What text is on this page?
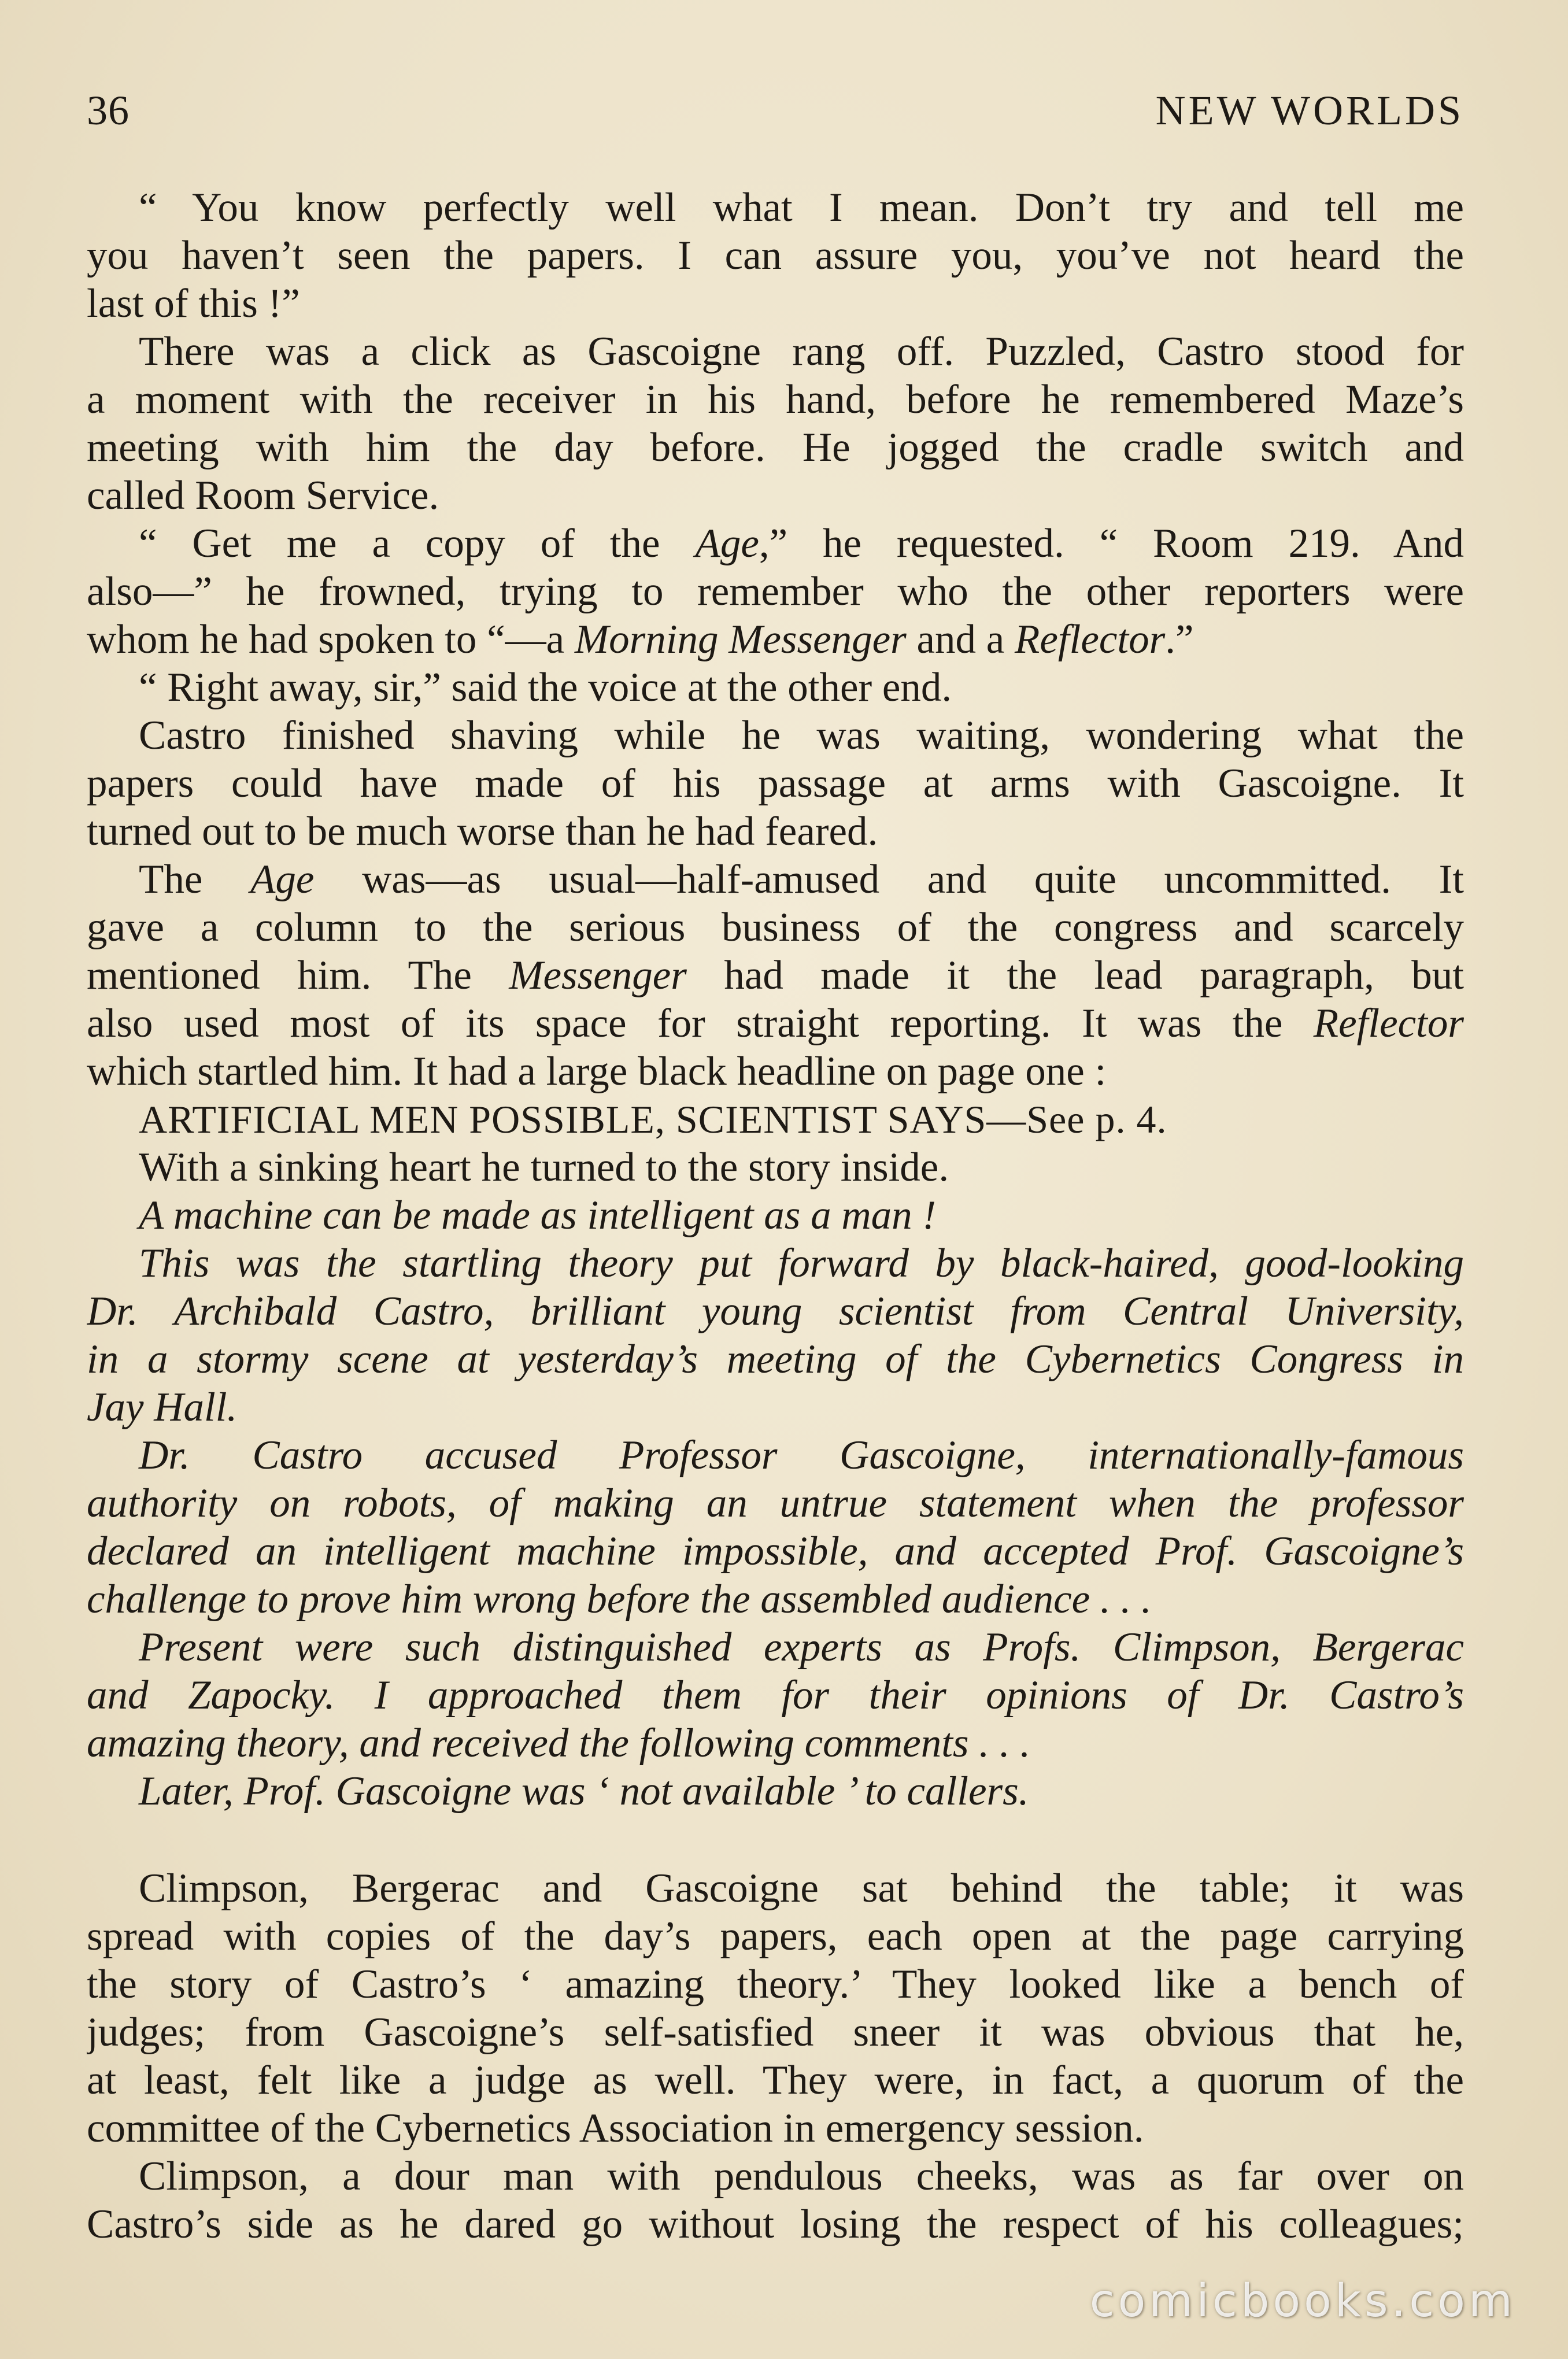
36	NEW WORLDS
“ You know perfectly well what I mean. Don’t try and tell me
you haven’t seen the papers. I can assure you, you’ve not heard the
last of this !”
There was a click as Gascoigne rang off. Puzzled, Castro stood for
a moment with the receiver in his hand, before he remembered Maze’s
meeting with him the day before. He jogged the cradle switch and
called Room Service.
“ Get me a copy of the Age,” he requested. “ Room 219. And
also—” he frowned, trying to remember who the other reporters were
whom he had spoken to “—a Morning Messenger and a Reflector.”
“ Right away, sir,” said the voice at the other end.
Castro finished shaving while he was waiting, wondering what the
papers could have made of his passage at arms with Gascoigne. It
turned out to be much worse than he had feared.
The Age was—as usual—half-amused and quite uncommitted. It
gave a column to the serious business of the congress and scarcely
mentioned him. The Messenger had made it the lead paragraph, but
also used most of its space for straight reporting. It was the Reflector
which startled him. It had a large black headline on page one :
ARTIFICIAL MEN POSSIBLE, SCIENTIST SAYS—See p. 4.
With a sinking heart he turned to the story inside.
A machine can be made as intelligent as a man !
This was the startling theory put forward by black-haired, good-looking
Dr. Archibald Castro, brilliant young scientist from Central University,
in a stormy scene at yesterday’s meeting of the Cybernetics Congress in
Jay Hall.
Dr. Castro accused Professor Gascoigne, internationally-famous
authority on robots, of making an untrue statement when the professor
declared an intelligent machine impossible, and accepted Prof. Gascoigne’s
challenge to prove him wrong before the assembled audience . . .
Present were such distinguished experts as Profs. Climpson, Bergerac
and Zapocky. I approached them for their opinions of Dr. Castro’s
amazing theory, and received the following comments . . .
Later, Prof. Gascoigne was ‘ not available ’ to callers.
Climpson, Bergerac and Gascoigne sat behind the table; it was
spread with copies of the day’s papers, each open at the page carrying
the story of Castro’s ‘ amazing theory.’ They looked like a bench of
judges; from Gascoigne’s self-satisfied sneer it was obvious that he,
at least, felt like a judge as well. They were, in fact, a quorum of the
committee of the Cybernetics Association in emergency session.
Climpson, a dour man with pendulous cheeks, was as far over on
Castro’s side as he dared go without losing the respect of his colleagues;
comicbooks.com
